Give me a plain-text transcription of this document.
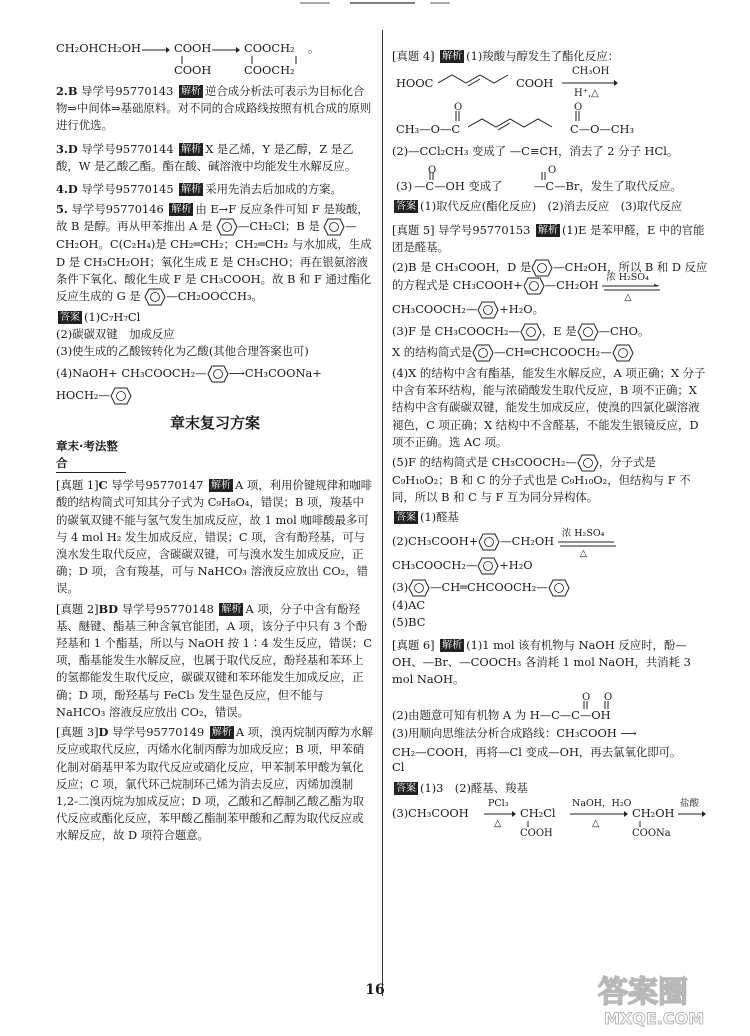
CH₂OHCH₂OH	COOH
COOH
COOCH₂
COOCH₂
。

2.B 导学号95770143 解析 逆合成分析法可表示为目标化合物⇒中间体⇒基础原料。对不同的合成路线按照有机合成的原则进行优选。

3.D 导学号95770144 解析 X 是乙烯，Y 是乙醇，Z 是乙酸，W 是乙酸乙酯。酯在酸、碱溶液中均能发生水解反应。

4.D 导学号95770145 解析 采用先消去后加成的方案。

5. 导学号95770146 解析 由 E→F 反应条件可知 F 是羧酸，故 B 是醇。再从甲苯推出 A 是 —CH₂Cl；B 是 —CH₂OH。C(C₂H₄)是 CH₂═CH₂；CH₂═CH₂ 与水加成，生成 D 是 CH₃CH₂OH；氧化生成 E 是 CH₃CHO；再在银氨溶液条件下氧化、酸化生成 F 是 CH₃COOH。故 B 和 F 通过酯化反应生成的 G 是 —CH₂OOCCH₃。

答案 (1)C₇H₇Cl

(2)碳碳双键　加成反应

(3)使生成的乙酸铵转化为乙酸(其他合理答案也可)

(4)NaOH+ CH₃COOCH₂— ⟶CH₃COONa+

HOCH₂—

章末复习方案
章末·考法整合

[真题 1]C 导学号95770147 解析 A 项，利用价键规律和咖啡酸的结构简式可知其分子式为 C₉H₈O₄，错误；B 项，羧基中的碳氧双键不能与氢气发生加成反应，故 1 mol 咖啡酸最多可与 4 mol H₂ 发生加成反应，错误；C 项，含有酚羟基，可与溴水发生取代反应，含碳碳双键，可与溴水发生加成反应，正确；D 项，含有羧基，可与 NaHCO₃ 溶液反应放出 CO₂，错误。

[真题 2]BD 导学号95770148 解析 A 项，分子中含有酚羟基、醚键、酯基三种含氧官能团，A 项，该分子中只有 3 个酚羟基和 1 个酯基，所以与 NaOH 按 1∶4 发生反应，错误；C 项，酯基能发生水解反应，也属于取代反应，酚羟基和苯环上的氢都能发生取代反应，碳碳双键和苯环能发生加成反应，正确；D 项，酚羟基与 FeCl₃ 发生显色反应，但不能与 NaHCO₃ 溶液反应放出 CO₂，错误。

[真题 3]D 导学号95770149 解析 A 项，溴丙烷制丙醇为水解反应或取代反应，丙烯水化制丙醇为加成反应；B 项，甲苯硝化制对硝基甲苯为取代反应或硝化反应，甲苯制苯甲酸为氧化反应；C 项，氯代环己烷制环己烯为消去反应，丙烯加溴制 1,2-二溴丙烷为加成反应；D 项，乙酸和乙醇制乙酸乙酯为取代反应或酯化反应，苯甲酸乙酯制苯甲酸和乙醇为取代反应或水解反应，故 D 项符合题意。

[真题 4] 解析 (1)羧酸与醇发生了酯化反应：

HOOC	COOH
CH₃OH
H⁺,△
O	O
CH₃—O—C	C—O—CH₃

(2)—CCl₂CH₃ 变成了 —C≡CH，消去了 2 分子 HCl。

(3)
O	O
—C—OH 变成了	—C—Br，发生了取代反应。

答案 (1)取代反应(酯化反应)　(2)消去反应　(3)取代反应

[真题 5] 导学号95770153 解析 (1)E 是苯甲醛，E 中的官能团是醛基。

(2)B 是 CH₃COOH，D 是 —CH₂OH，所以 B 和 D 反应的方程式是 CH₃COOH+ —CH₂OH
浓 H₂SO₄
△

CH₃COOCH₂— +H₂O。

(3)F 是 CH₃COOCH₂— ，E 是 —CHO。

X 的结构简式是 —CH═CHCOOCH₂—

(4)X 的结构中含有酯基，能发生水解反应，A 项正确；X 分子中含有苯环结构，能与浓硝酸发生取代反应，B 项不正确；X 结构中含有碳碳双键，能发生加成反应，使溴的四氯化碳溶液褪色，C 项正确；X 结构中不含醛基，不能发生银镜反应，D 项不正确。选 AC 项。

(5)F 的结构简式是 CH₃COOCH₂— ，分子式是 C₉H₁₀O₂；B 和 C 的分子式也是 C₉H₁₀O₂，但结构与 F 不同，所以 B 和 C 与 F 互为同分异构体。

答案 (1)醛基

(2)CH₃COOH+ —CH₂OH
浓 H₂SO₄
△

CH₃COOCH₂— +H₂O

(3) —CH═CHCOOCH₂—

(4)AC

(5)BC

[真题 6] 解析 (1)1 mol 该有机物与 NaOH 反应时，酚—OH、—Br、—COOCH₃ 各消耗 1 mol NaOH，共消耗 3 mol NaOH。

O O
(2)由题意可知有机物 A 为 H—C—C—OH

(3)用顺向思维法分析合成路线：CH₃COOH ⟶

CH₂—COOH，再将—Cl 变成—OH，再去氯氧化即可。

Cl

答案 (1)3　(2)醛基、羧基

(3)CH₃COOH
PCl₃
△
CH₂Cl
COOH
NaOH，H₂O
△
CH₂OH
COONa
盐酸
16	答案圈
MXQE.COM
